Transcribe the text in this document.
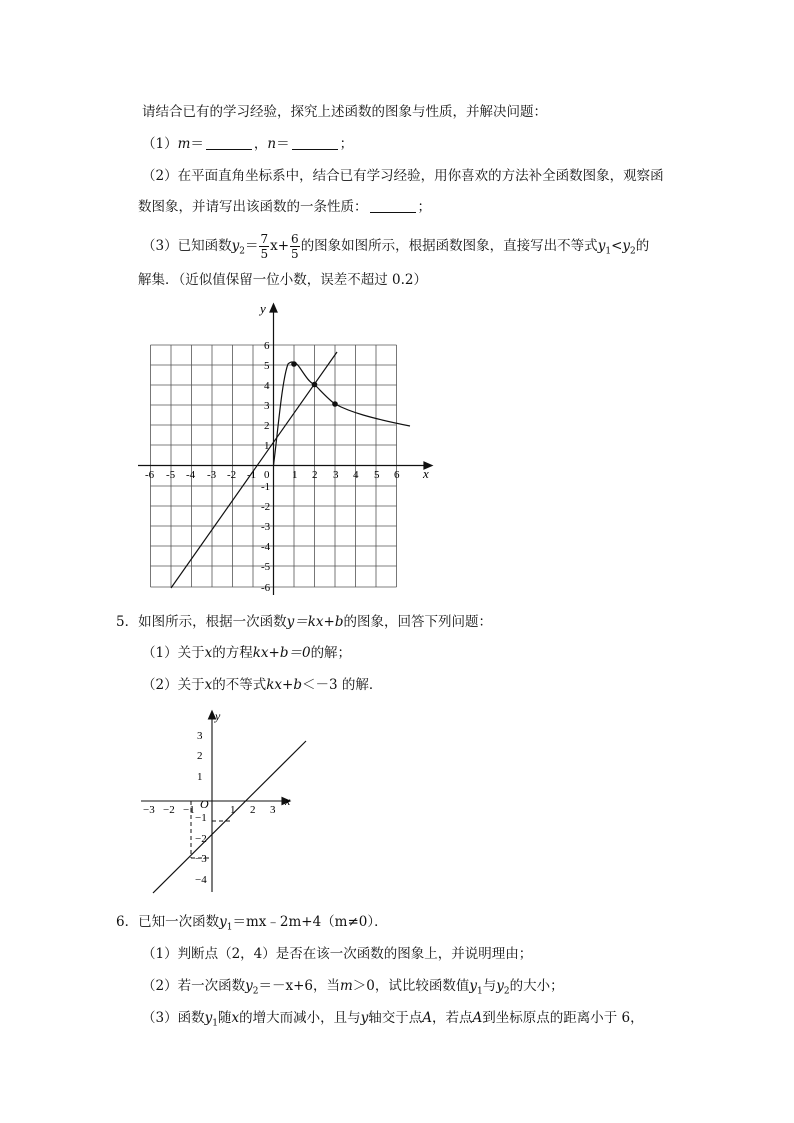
请结合已有的学习经验，探究上述函数的图象与性质，并解决问题：
（1）m＝	，n＝	；
（2）在平面直角坐标系中，结合已有学习经验，用你喜欢的方法补全函数图象，观察函
数图象，并请写出该函数的一条性质：	；
（3）已知函数$y_2= \frac{7}{5} x+ \frac{6}{5}$ 的图象如图所示，根据函数图象，直接写出不等式$y_1<y_2$的
解集．（近似值保留一位小数，误差不超过 0.2）
x
y
0
-6 -5 -4 -3 -2 -1	1 2 3 4 5 6
6
5
4
3
2
1
-1
-2
-3
-4
-5
-6
x
y
O
−3 −2 −1	1 2 3
3
2
1
−1
−2
−3
−4
5．如图所示，根据一次函数y＝kx+b的图象，回答下列问题：
（1）关于x的方程kx+b＝0的解；
（2）关于x的不等式kx+b＜－3 的解．
6．已知一次函数$y_1=mx﹣2m+4(m\ne 0)$．
（1）判断点（2，4）是否在该一次函数的图象上，并说明理由；
（2）若一次函数$y_2=-x+6$，当m＞0，试比较函数值$y_1$与$y_2$的大小；
（3）函数$y_1$随x的增大而减小，且与y轴交于点A，若点A到坐标原点的距离小于 6，
